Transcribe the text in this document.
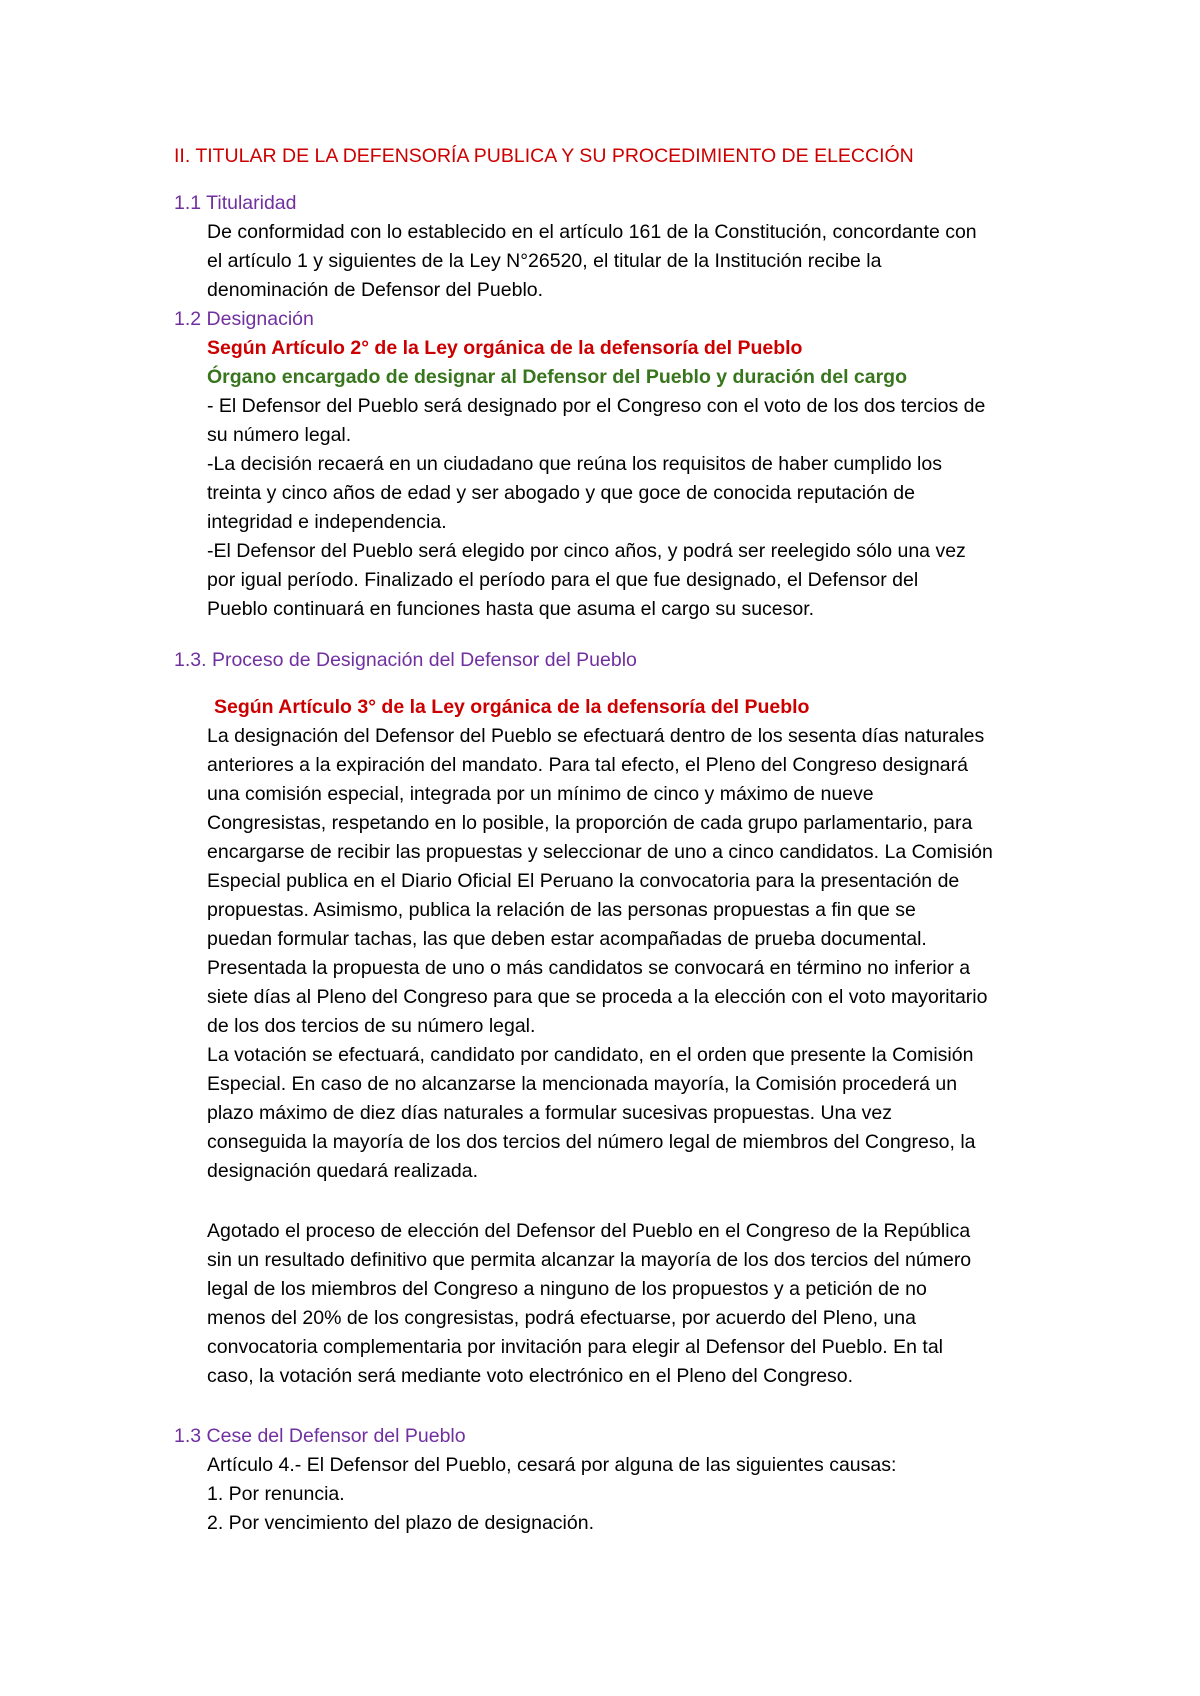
II. TITULAR DE LA DEFENSORÍA PUBLICA Y SU PROCEDIMIENTO DE ELECCIÓN
1.1 Titularidad
De conformidad con lo establecido en el artículo 161 de la Constitución, concordante con
el artículo 1 y siguientes de la Ley N°26520, el titular de la Institución recibe la
denominación de Defensor del Pueblo.
1.2 Designación
Según Artículo 2° de la Ley orgánica de la defensoría del Pueblo
Órgano encargado de designar al Defensor del Pueblo y duración del cargo
- El Defensor del Pueblo será designado por el Congreso con el voto de los dos tercios de
su número legal.
-La decisión recaerá en un ciudadano que reúna los requisitos de haber cumplido los
treinta y cinco años de edad y ser abogado y que goce de conocida reputación de
integridad e independencia.
-El Defensor del Pueblo será elegido por cinco años, y podrá ser reelegido sólo una vez
por igual período. Finalizado el período para el que fue designado, el Defensor del
Pueblo continuará en funciones hasta que asuma el cargo su sucesor.
1.3. Proceso de Designación del Defensor del Pueblo
Según Artículo 3° de la Ley orgánica de la defensoría del Pueblo
La designación del Defensor del Pueblo se efectuará dentro de los sesenta días naturales
anteriores a la expiración del mandato. Para tal efecto, el Pleno del Congreso designará
una comisión especial, integrada por un mínimo de cinco y máximo de nueve
Congresistas, respetando en lo posible, la proporción de cada grupo parlamentario, para
encargarse de recibir las propuestas y seleccionar de uno a cinco candidatos. La Comisión
Especial publica en el Diario Oficial El Peruano la convocatoria para la presentación de
propuestas. Asimismo, publica la relación de las personas propuestas a fin que se
puedan formular tachas, las que deben estar acompañadas de prueba documental.
Presentada la propuesta de uno o más candidatos se convocará en término no inferior a
siete días al Pleno del Congreso para que se proceda a la elección con el voto mayoritario
de los dos tercios de su número legal.
La votación se efectuará, candidato por candidato, en el orden que presente la Comisión
Especial. En caso de no alcanzarse la mencionada mayoría, la Comisión procederá un
plazo máximo de diez días naturales a formular sucesivas propuestas. Una vez
conseguida la mayoría de los dos tercios del número legal de miembros del Congreso, la
designación quedará realizada.
Agotado el proceso de elección del Defensor del Pueblo en el Congreso de la República
sin un resultado definitivo que permita alcanzar la mayoría de los dos tercios del número
legal de los miembros del Congreso a ninguno de los propuestos y a petición de no
menos del 20% de los congresistas, podrá efectuarse, por acuerdo del Pleno, una
convocatoria complementaria por invitación para elegir al Defensor del Pueblo. En tal
caso, la votación será mediante voto electrónico en el Pleno del Congreso.
1.3 Cese del Defensor del Pueblo
Artículo 4.- El Defensor del Pueblo, cesará por alguna de las siguientes causas:
1. Por renuncia.
2. Por vencimiento del plazo de designación.
